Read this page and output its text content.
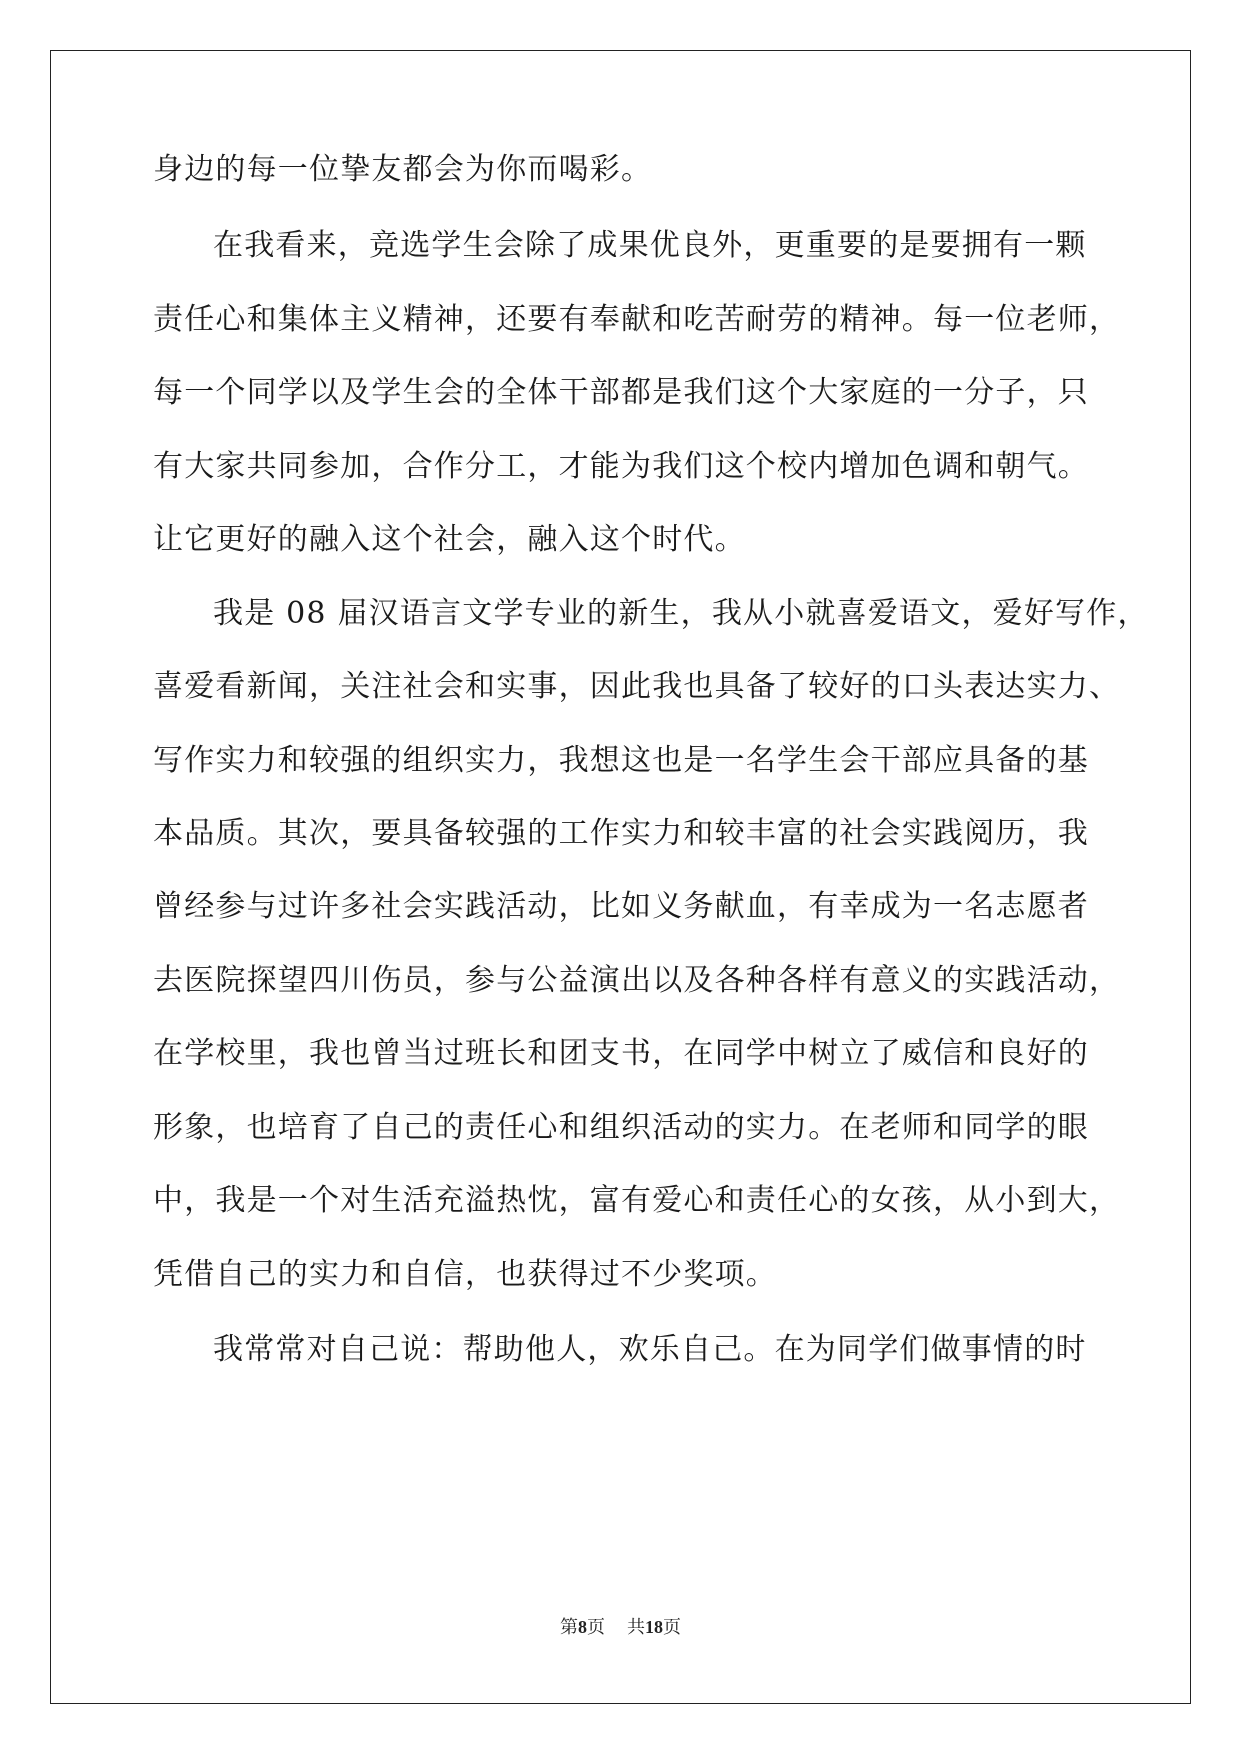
身边的每一位挚友都会为你而喝彩。
在我看来，竞选学生会除了成果优良外，更重要的是要拥有一颗
责任心和集体主义精神，还要有奉献和吃苦耐劳的精神。每一位老师，
每一个同学以及学生会的全体干部都是我们这个大家庭的一分子，只
有大家共同参加，合作分工，才能为我们这个校内增加色调和朝气。
让它更好的融入这个社会，融入这个时代。
我是 08 届汉语言文学专业的新生，我从小就喜爱语文，爱好写作，
喜爱看新闻，关注社会和实事，因此我也具备了较好的口头表达实力、
写作实力和较强的组织实力，我想这也是一名学生会干部应具备的基
本品质。其次，要具备较强的工作实力和较丰富的社会实践阅历，我
曾经参与过许多社会实践活动，比如义务献血，有幸成为一名志愿者
去医院探望四川伤员，参与公益演出以及各种各样有意义的实践活动，
在学校里，我也曾当过班长和团支书，在同学中树立了威信和良好的
形象，也培育了自己的责任心和组织活动的实力。在老师和同学的眼
中，我是一个对生活充溢热忱，富有爱心和责任心的女孩，从小到大，
凭借自己的实力和自信，也获得过不少奖项。
我常常对自己说：帮助他人，欢乐自己。在为同学们做事情的时
第8页 共18页
